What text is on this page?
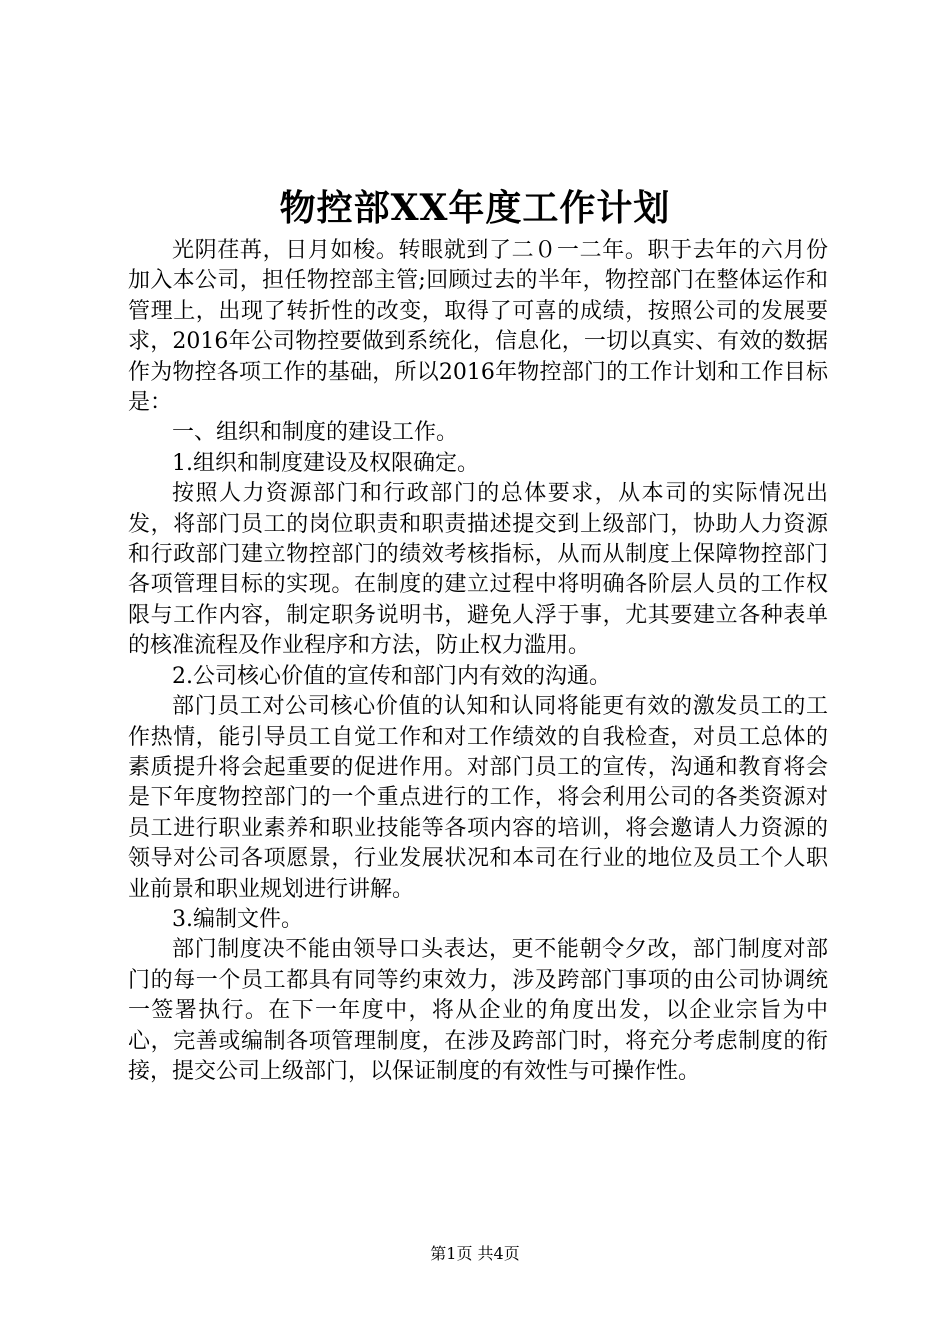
物控部XX年度工作计划

光阴荏苒，日月如梭。转眼就到了二０一二年。职于去年的六月份加入本公司，担任物控部主管;回顾过去的半年，物控部门在整体运作和管理上，出现了转折性的改变，取得了可喜的成绩，按照公司的发展要求，2016年公司物控要做到系统化，信息化，一切以真实、有效的数据作为物控各项工作的基础，所以2016年物控部门的工作计划和工作目标是：

一、组织和制度的建设工作。

1.组织和制度建设及权限确定。

按照人力资源部门和行政部门的总体要求，从本司的实际情况出发，将部门员工的岗位职责和职责描述提交到上级部门，协助人力资源和行政部门建立物控部门的绩效考核指标，从而从制度上保障物控部门各项管理目标的实现。在制度的建立过程中将明确各阶层人员的工作权限与工作内容，制定职务说明书，避免人浮于事，尤其要建立各种表单的核准流程及作业程序和方法，防止权力滥用。

2.公司核心价值的宣传和部门内有效的沟通。

部门员工对公司核心价值的认知和认同将能更有效的激发员工的工作热情，能引导员工自觉工作和对工作绩效的自我检查，对员工总体的素质提升将会起重要的促进作用。对部门员工的宣传，沟通和教育将会是下年度物控部门的一个重点进行的工作，将会利用公司的各类资源对员工进行职业素养和职业技能等各项内容的培训，将会邀请人力资源的领导对公司各项愿景，行业发展状况和本司在行业的地位及员工个人职业前景和职业规划进行讲解。

3.编制文件。

部门制度决不能由领导口头表达，更不能朝令夕改，部门制度对部门的每一个员工都具有同等约束效力，涉及跨部门事项的由公司协调统一签署执行。在下一年度中，将从企业的角度出发，以企业宗旨为中心，完善或编制各项管理制度，在涉及跨部门时，将充分考虑制度的衔接，提交公司上级部门，以保证制度的有效性与可操作性。

第1页 共4页
